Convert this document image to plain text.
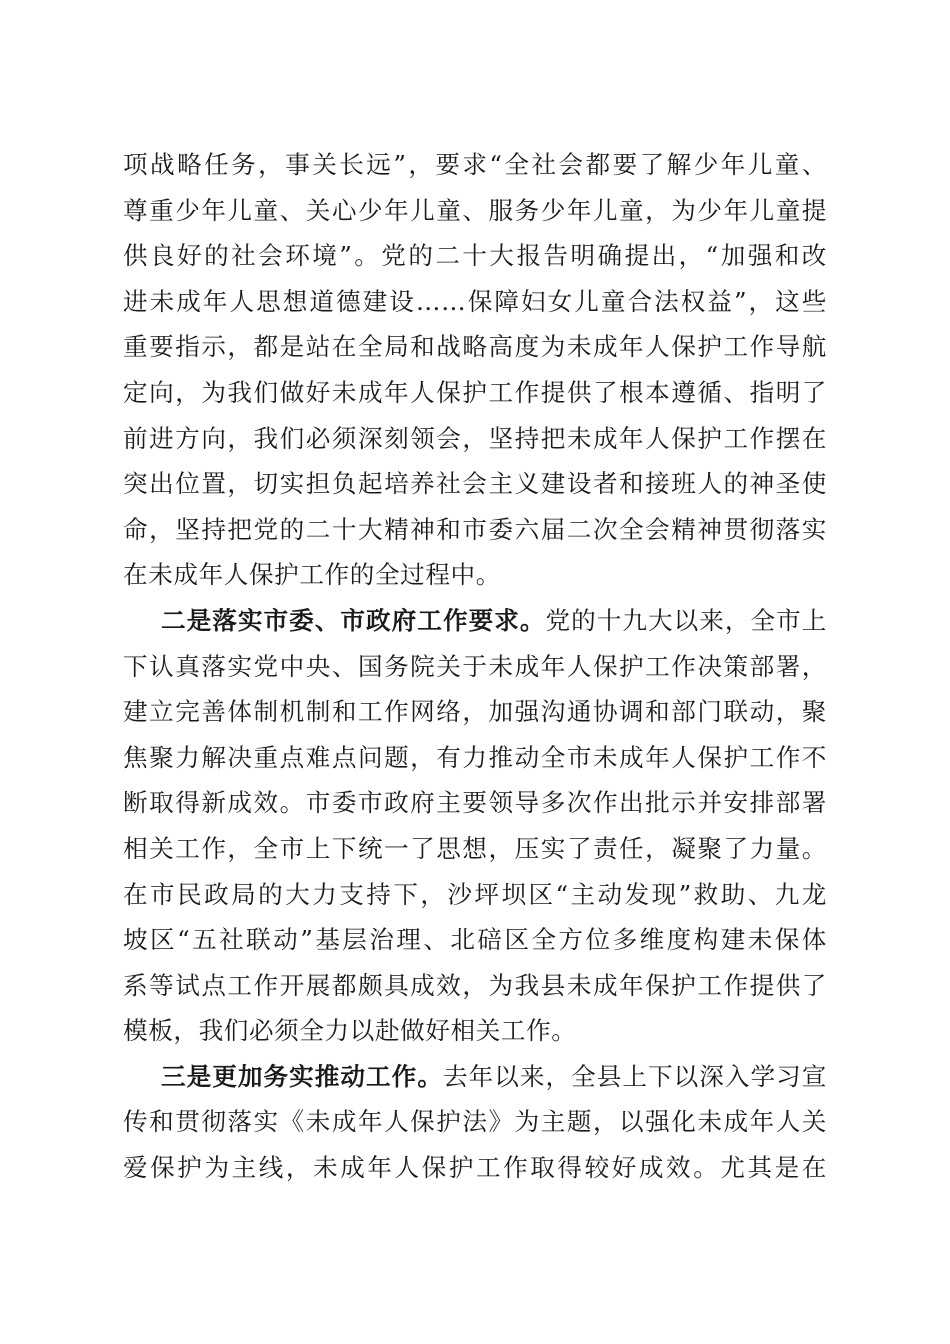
项战略任务，事关长远”，要求“全社会都要了解少年儿童、
尊重少年儿童、关心少年儿童、服务少年儿童，为少年儿童提
供良好的社会环境”。党的二十大报告明确提出，“加强和改
进未成年人思想道德建设……保障妇女儿童合法权益”，这些
重要指示，都是站在全局和战略高度为未成年人保护工作导航
定向，为我们做好未成年人保护工作提供了根本遵循、指明了
前进方向，我们必须深刻领会，坚持把未成年人保护工作摆在
突出位置，切实担负起培养社会主义建设者和接班人的神圣使
命，坚持把党的二十大精神和市委六届二次全会精神贯彻落实
在未成年人保护工作的全过程中。
二是落实市委、市政府工作要求。党的十九大以来，全市上
下认真落实党中央、国务院关于未成年人保护工作决策部署，
建立完善体制机制和工作网络，加强沟通协调和部门联动，聚
焦聚力解决重点难点问题，有力推动全市未成年人保护工作不
断取得新成效。市委市政府主要领导多次作出批示并安排部署
相关工作，全市上下统一了思想，压实了责任，凝聚了力量。
在市民政局的大力支持下，沙坪坝区“主动发现”救助、九龙
坡区“五社联动”基层治理、北碚区全方位多维度构建未保体
系等试点工作开展都颇具成效，为我县未成年保护工作提供了
模板，我们必须全力以赴做好相关工作。
三是更加务实推动工作。去年以来，全县上下以深入学习宣
传和贯彻落实《未成年人保护法》为主题，以强化未成年人关
爱保护为主线，未成年人保护工作取得较好成效。尤其是在
